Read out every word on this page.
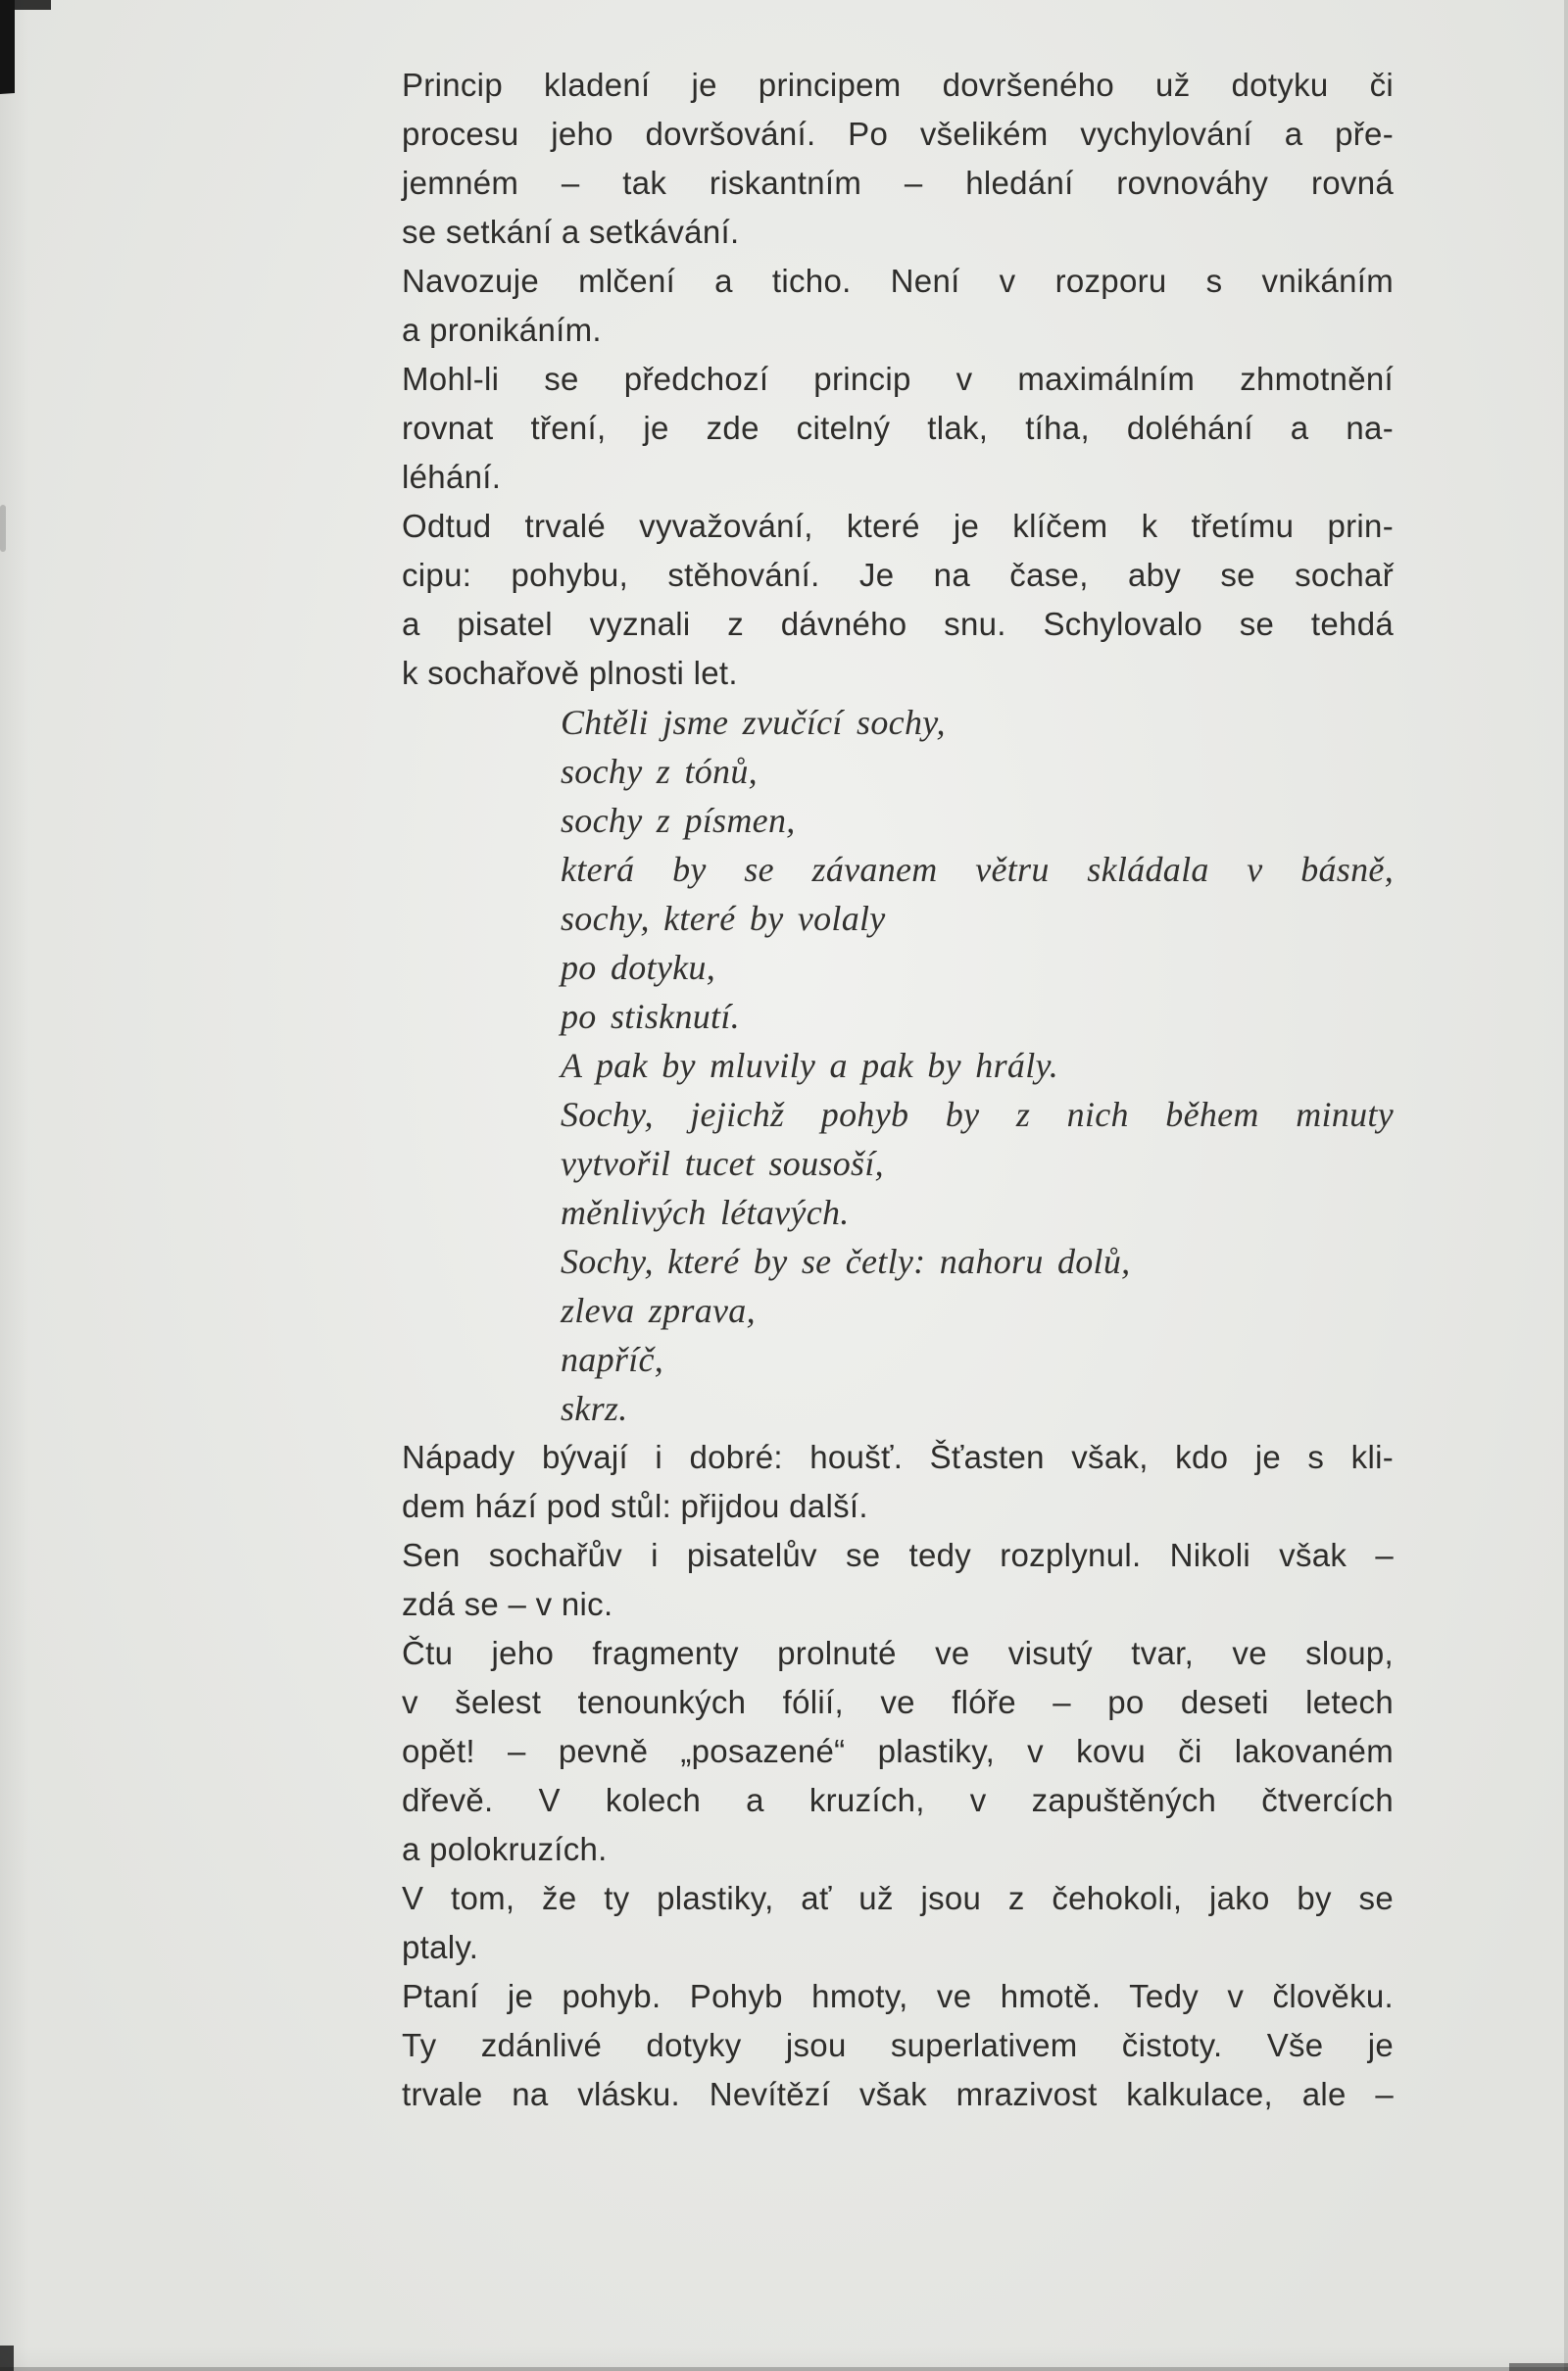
Princip kladení je principem dovršeného už dotyku či
procesu jeho dovršování. Po všelikém vychylování a pře-
jemném – tak riskantním – hledání rovnováhy rovná
se setkání a setkávání.
Navozuje mlčení a ticho. Není v rozporu s vnikáním
a pronikáním.
Mohl-li se předchozí princip v maximálním zhmotnění
rovnat tření, je zde citelný tlak, tíha, doléhání a na-
léhání.
Odtud trvalé vyvažování, které je klíčem k třetímu prin-
cipu: pohybu, stěhování. Je na čase, aby se sochař
a pisatel vyznali z dávného snu. Schylovalo se tehdá
k sochařově plnosti let.
Chtěli jsme zvučící sochy,
sochy z tónů,
sochy z písmen,
která by se závanem větru skládala v básně,
sochy, které by volaly
po dotyku,
po stisknutí.
A pak by mluvily a pak by hrály.
Sochy, jejichž pohyb by z nich během minuty
vytvořil tucet sousoší,
měnlivých létavých.
Sochy, které by se četly: nahoru dolů,
zleva zprava,
napříč,
skrz.
Nápady bývají i dobré: houšť. Šťasten však, kdo je s kli-
dem hází pod stůl: přijdou další.
Sen sochařův i pisatelův se tedy rozplynul. Nikoli však –
zdá se – v nic.
Čtu jeho fragmenty prolnuté ve visutý tvar, ve sloup,
v šelest tenounkých fólií, ve flóře – po deseti letech
opět! – pevně „posazené“ plastiky, v kovu či lakovaném
dřevě. V kolech a kruzích, v zapuštěných čtvercích
a polokruzích.
V tom, že ty plastiky, ať už jsou z čehokoli, jako by se
ptaly.
Ptaní je pohyb. Pohyb hmoty, ve hmotě. Tedy v člověku.
Ty zdánlivé dotyky jsou superlativem čistoty. Vše je
trvale na vlásku. Nevítězí však mrazivost kalkulace, ale –
